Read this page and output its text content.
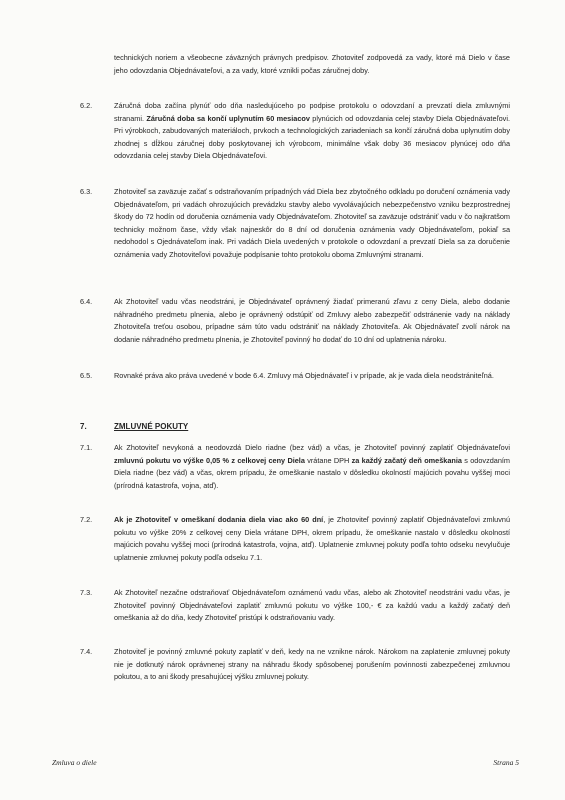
technických noriem a všeobecne záväzných právnych predpisov. Zhotoviteľ zodpovedá za vady, ktoré má Dielo v čase jeho odovzdania Objednávateľovi, a za vady, ktoré vznikli počas záručnej doby.

6.2.	Záručná doba začína plynúť odo dňa nasledujúceho po podpise protokolu o odovzdaní a prevzatí diela zmluvnými stranami. Záručná doba sa končí uplynutím 60 mesiacov plynúcich od odovzdania celej stavby Diela Objednávateľovi. Pri výrobkoch, zabudovaných materiáloch, prvkoch a technologických zariadeniach sa končí záručná doba uplynutím doby zhodnej s dĺžkou záručnej doby poskytovanej ich výrobcom, minimálne však doby 36 mesiacov plynúcej odo dňa odovzdania celej stavby Diela Objednávateľovi.

6.3.	Zhotoviteľ sa zaväzuje začať s odstraňovaním prípadných vád Diela bez zbytočného odkladu po doručení oznámenia vady Objednávateľom, pri vadách ohrozujúcich prevádzku stavby alebo vyvolávajúcich nebezpečenstvo vzniku bezprostrednej škody do 72 hodín od doručenia oznámenia vady Objednávateľom. Zhotoviteľ sa zaväzuje odstrániť vadu v čo najkratšom technicky možnom čase, vždy však najneskôr do 8 dní od doručenia oznámenia vady Objednávateľom, pokiaľ sa nedohodol s Ojednávateľom inak. Pri vadách Diela uvedených v protokole o odovzdaní a prevzatí Diela sa za doručenie oznámenia vady Zhotoviteľovi považuje podpísanie tohto protokolu oboma Zmluvnými stranami.

6.4.	Ak Zhotoviteľ vadu včas neodstráni, je Objednávateľ oprávnený žiadať primeranú zľavu z ceny Diela, alebo dodanie náhradného predmetu plnenia, alebo je oprávnený odstúpiť od Zmluvy alebo zabezpečiť odstránenie vady na náklady Zhotoviteľa treťou osobou, prípadne sám túto vadu odstrániť na náklady Zhotoviteľa. Ak Objednávateľ zvolí nárok na dodanie náhradného predmetu plnenia, je Zhotoviteľ povinný ho dodať do 10 dní od uplatnenia nároku.

6.5.	Rovnaké práva ako práva uvedené v bode 6.4. Zmluvy má Objednávateľ i v prípade, ak je vada diela neodstrániteľná.

7.	ZMLUVNÉ POKUTY
7.1.	Ak Zhotoviteľ nevykoná a neodovzdá Dielo riadne (bez vád) a včas, je Zhotoviteľ povinný zaplatiť Objednávateľovi zmluvnú pokutu vo výške 0,05 % z celkovej ceny Diela vrátane DPH za každý začatý deň omeškania s odovzdaním Diela riadne (bez vád) a včas, okrem prípadu, že omeškanie nastalo v dôsledku okolností majúcich povahu vyššej moci (prírodná katastrofa, vojna, atď).

7.2.	Ak je Zhotoviteľ v omeškaní dodania diela viac ako 60 dní, je Zhotoviteľ povinný zaplatiť Objednávateľovi zmluvnú pokutu vo výške 20% z celkovej ceny Diela vrátane DPH, okrem prípadu, že omeškanie nastalo v dôsledku okolností majúcich povahu vyššej moci (prírodná katastrofa, vojna, atď). Uplatnenie zmluvnej pokuty podľa tohto odseku nevylučuje uplatnenie zmluvnej pokuty podľa odseku 7.1.

7.3.	Ak Zhotoviteľ nezačne odstraňovať Objednávateľom oznámenú vadu včas, alebo ak Zhotoviteľ neodstráni vadu včas, je Zhotoviteľ povinný Objednávateľovi zaplatiť zmluvnú pokutu vo výške 100,- € za každú vadu a každý začatý deň omeškania až do dňa, kedy Zhotoviteľ pristúpi k odstraňovaniu vady.

7.4.	Zhotoviteľ je povinný zmluvné pokuty zaplatiť v deň, kedy na ne vznikne nárok. Nárokom na zaplatenie zmluvnej pokuty nie je dotknutý nárok oprávnenej strany na náhradu škody spôsobenej porušením povinnosti zabezpečenej zmluvnou pokutou, a to ani škody presahujúcej výšku zmluvnej pokuty.

Zmluva o diele	Strana 5
